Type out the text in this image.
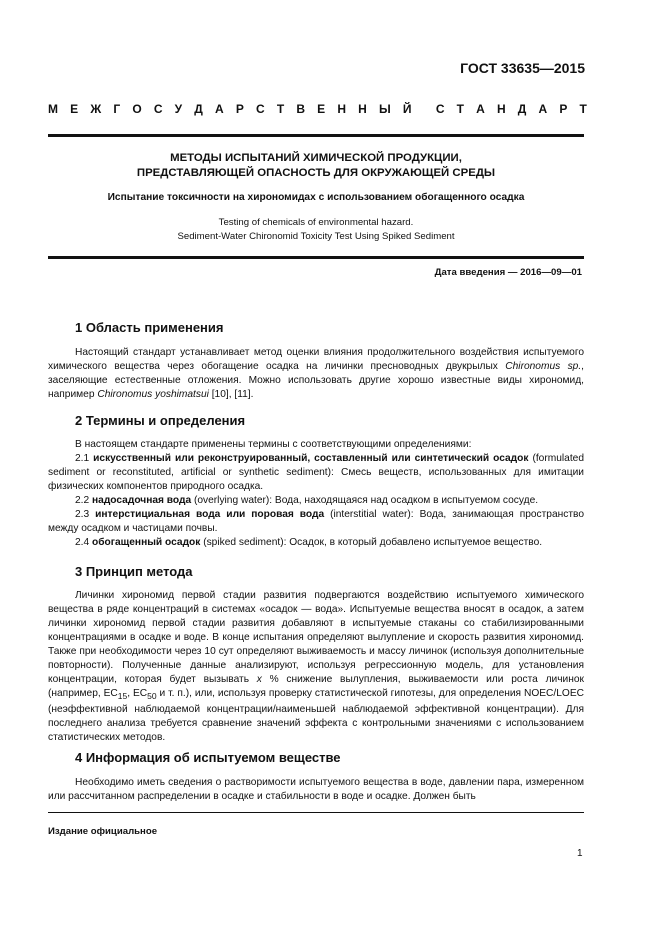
ГОСТ 33635—2015
М Е Ж Г О С У Д А Р С Т В Е Н Н Ы Й С Т А Н Д А Р Т
МЕТОДЫ ИСПЫТАНИЙ ХИМИЧЕСКОЙ ПРОДУКЦИИ,
ПРЕДСТАВЛЯЮЩЕЙ ОПАСНОСТЬ ДЛЯ ОКРУЖАЮЩЕЙ СРЕДЫ
Испытание токсичности на хирономидах с использованием обогащенного осадка
Testing of chemicals of environmental hazard.
Sediment-Water Chironomid Toxicity Test Using Spiked Sediment
Дата введения — 2016—09—01
1 Область применения

Настоящий стандарт устанавливает метод оценки влияния продолжительного воздействия испытуемого химического вещества через обогащение осадка на личинки пресноводных двукрылых Chironomus sp., заселяющие естественные отложения. Можно использовать другие хорошо известные виды хирономид, например Chironomus yoshimatsui [10], [11].

2 Термины и определения

В настоящем стандарте применены термины с соответствующими определениями:

2.1 искусственный или реконструированный, составленный или синтетический осадок (formulated sediment or reconstituted, artificial or synthetic sediment): Смесь веществ, использованных для имитации физических компонентов природного осадка.

2.2 надосадочная вода (overlying water): Вода, находящаяся над осадком в испытуемом сосуде.

2.3 интерстициальная вода или поровая вода (interstitial water): Вода, занимающая пространство между осадком и частицами почвы.

2.4 обогащенный осадок (spiked sediment): Осадок, в который добавлено испытуемое вещество.

3 Принцип метода

Личинки хирономид первой стадии развития подвергаются воздействию испытуемого химического вещества в ряде концентраций в системах «осадок — вода». Испытуемые вещества вносят в осадок, а затем личинки хирономид первой стадии развития добавляют в испытуемые стаканы со стабилизированными концентрациями в осадке и воде. В конце испытания определяют вылупление и скорость развития хирономид. Также при необходимости через 10 сут определяют выживаемость и массу личинок (используя дополнительные повторности). Полученные данные анализируют, используя регрессионную модель, для установления концентрации, которая будет вызывать x % снижение вылупления, выживаемости или роста личинок (например, $EC_{15}$, $EC_{50}$ и т. п.), или, используя проверку статистической гипотезы, для определения NOEC/LOEC (неэффективной наблюдаемой концентрации/наименьшей наблюдаемой эффективной концентрации). Для последнего анализа требуется сравнение значений эффекта с контрольными значениями с использованием статистических методов.

4 Информация об испытуемом веществе

Необходимо иметь сведения о растворимости испытуемого вещества в воде, давлении пара, измеренном или рассчитанном распределении в осадке и стабильности в воде и осадке. Должен быть

Издание официальное
1
